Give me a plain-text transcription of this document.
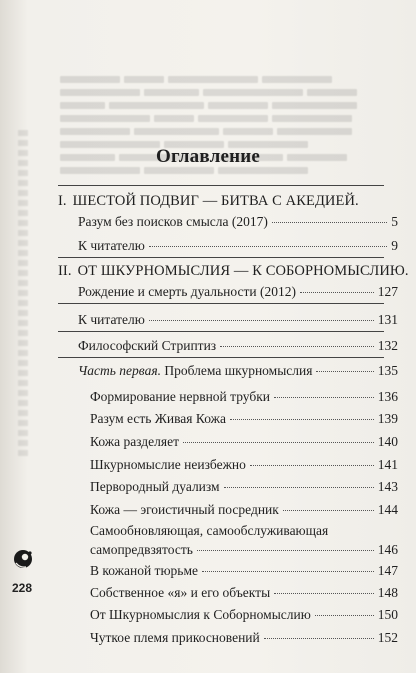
Оглавление
I. ШЕСТОЙ ПОДВИГ — БИТВА С АКЕДИЕЙ.
Разум без поисков смысла (2017)	5
К читателю	9
II. ОТ ШКУРНОМЫСЛИЯ — К СОБОРНОМЫСЛИЮ.
Рождение и смерть дуальности (2012)	127
К читателю	131
Философский Стриптиз	132
Часть первая. Проблема шкурномыслия	135
Формирование нервной трубки	136
Разум есть Живая Кожа	139
Кожа разделяет	140
Шкурномыслие неизбежно	141
Первородный дуализм	143
Кожа — эгоистичный посредник	144
Самообновляющая, самообслуживающая
самопредвзятость	146
В кожаной тюрьме	147
Собственное «я» и его объекты	148
От Шкурномыслия к Соборномыслию	150
Чуткое племя прикосновений	152
228
